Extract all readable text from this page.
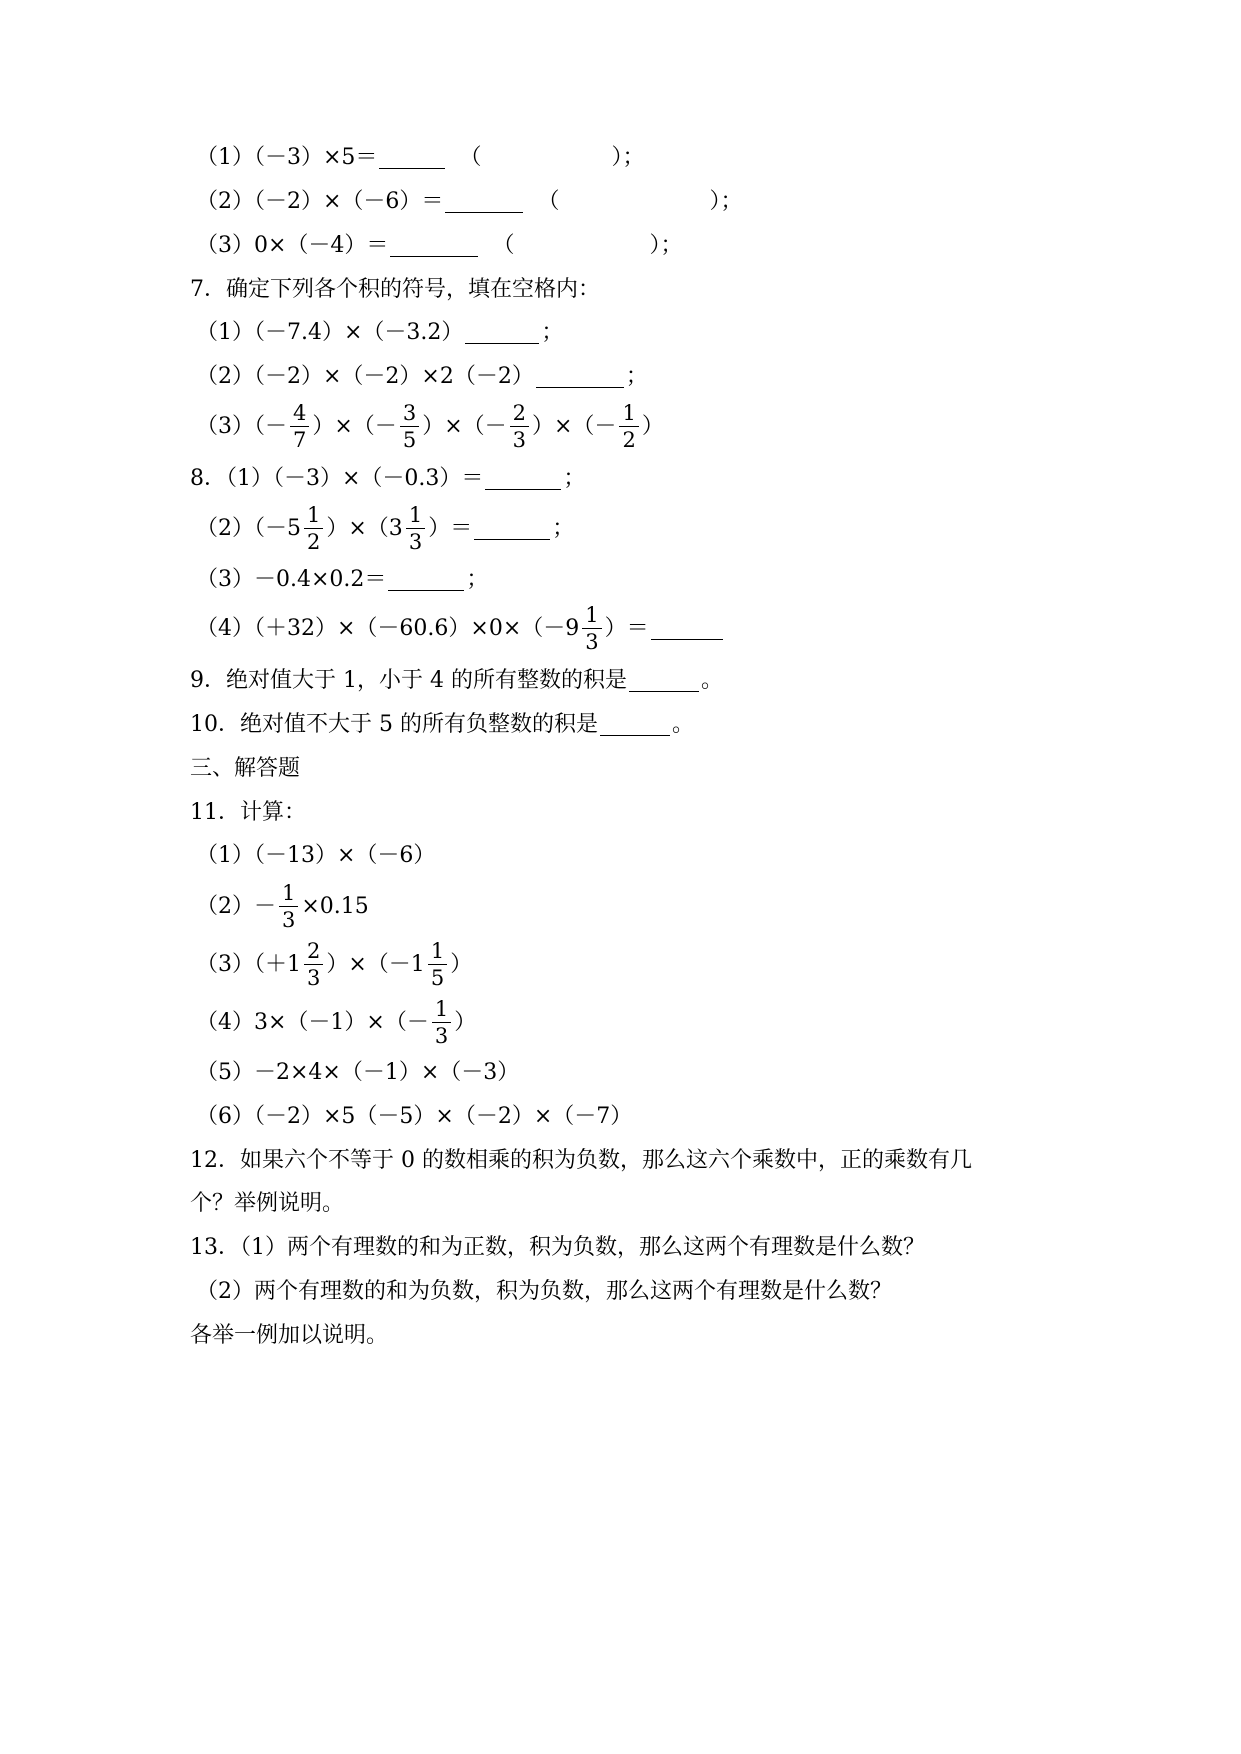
（1）（－3）×5＝	（	）；
（2）（－2）×（－6）＝	（	）；
（3）0×（－4）＝	（	）；
7．确定下列各个积的符号，填在空格内：
（1）（－7.4）×（－3.2）	；
（2）（－2）×（－2）×2（－2）	；
$(3)(- \frac{4}{7}$ ）×（－ $\frac{3}{5}$ ）×（－ $\frac{2}{3}$ ）×（－ $\frac{1}{2}$ ）
8．（1）（－3）×（－0.3）＝	；
$(2)(-5 \frac{1}{2} )\times(3 \frac{1}{3}$ ）＝	；
（3）－0.4×0.2＝	；
$(4)(+32)\times(-60.6)\times 0\times(-9 \frac{1}{3}$ ）＝
9．绝对值大于 1，小于 4 的所有整数的积是	。
10．绝对值不大于 5 的所有负整数的积是	。
三、解答题
11．计算：
（1）（－13）×（－6）
$(2)- \frac{1}{3} \times 0.15$
$(3)(+1 \frac{2}{3} )\times(-1 \frac{1}{5}$ ）
$(4)3\times(-1)\times(- \frac{1}{3}$ ）
（5）－2×4×（－1）×（－3）
（6）（－2）×5（－5）×（－2）×（－7）
12．如果六个不等于 0 的数相乘的积为负数，那么这六个乘数中，正的乘数有几
个？举例说明。
13．（1）两个有理数的和为正数，积为负数，那么这两个有理数是什么数？
（2）两个有理数的和为负数，积为负数，那么这两个有理数是什么数？
各举一例加以说明。
